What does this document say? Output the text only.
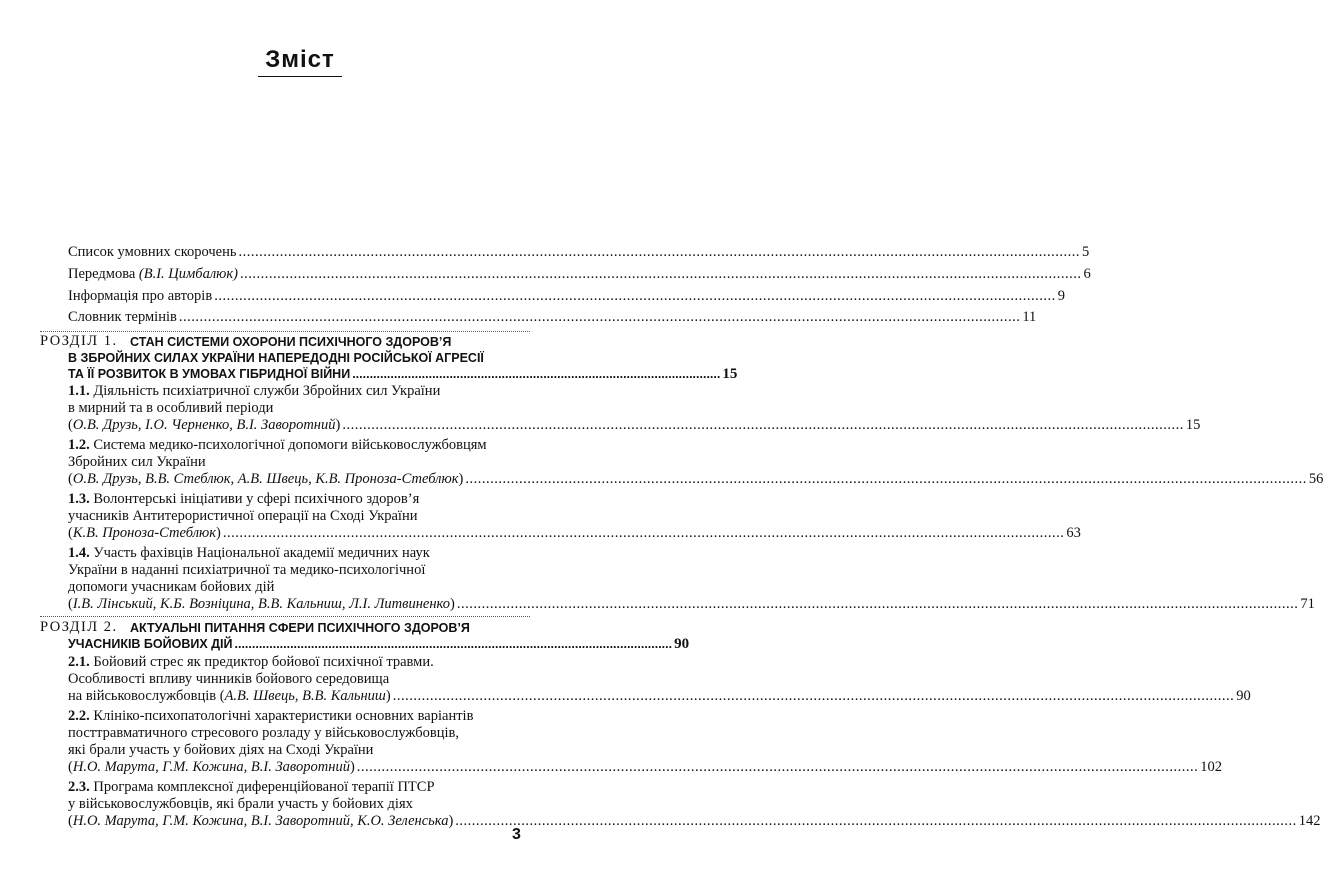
Зміст
Список умовних скорочень .....	5
Передмова (В.І. Цимбалюк) .....	6
Інформація про авторів .....	9
Словник термінів .....	11
РОЗДІЛ 1. СТАН СИСТЕМИ ОХОРОНИ ПСИХІЧНОГО ЗДОРОВ’Я
В ЗБРОЙНИХ СИЛАХ УКРАЇНИ НАПЕРЕДОДНІ РОСІЙСЬКОЇ АГРЕСІЇ
ТА ЇЇ РОЗВИТОК В УМОВАХ ГІБРИДНОЇ ВІЙНИ .......................................................................................................... 15
1.1. Діяльність психіатричної служби Збройних сил України
в мирний та в особливий періоди
(О.В. Друзь, І.О. Черненко, В.І. Заворотний) .....	15
1.2. Система медико-психологічної допомоги військовослужбовцям
Збройних сил України
(О.В. Друзь, В.В. Стеблюк, А.В. Швець, К.В. Проноза-Стеблюк) .....	56
1.3. Волонтерські ініціативи у сфері психічного здоров’я
учасників Антитерористичної операції на Сході України
(К.В. Проноза-Стеблюк) .....	63
1.4. Участь фахівців Національної академії медичних наук
України в наданні психіатричної та медико-психологічної
допомоги учасникам бойових дій
(І.В. Лінський, К.Б. Возніцина, В.В. Кальниш, Л.І. Литвиненко) .....	71
РОЗДІЛ 2. АКТУАЛЬНІ ПИТАННЯ СФЕРИ ПСИХІЧНОГО ЗДОРОВ’Я
УЧАСНИКІВ БОЙОВИХ ДІЙ .............................................................................................................................. 90
2.1. Бойовий стрес як предиктор бойової психічної травми.
Особливості впливу чинників бойового середовища
на військовослужбовців (А.В. Швець, В.В. Кальниш) .....	90
2.2. Клініко-психопатологічні характеристики основних варіантів
посттравматичного стресового розладу у військовослужбовців,
які брали участь у бойових діях на Сході України
(Н.О. Марута, Г.М. Кожина, В.І. Заворотний) .....	102
2.3. Програма комплексної диференційованої терапії ПТСР
у військовослужбовців, які брали участь у бойових діях
(Н.О. Марута, Г.М. Кожина, В.І. Заворотний, К.О. Зеленська) .....	142
3
